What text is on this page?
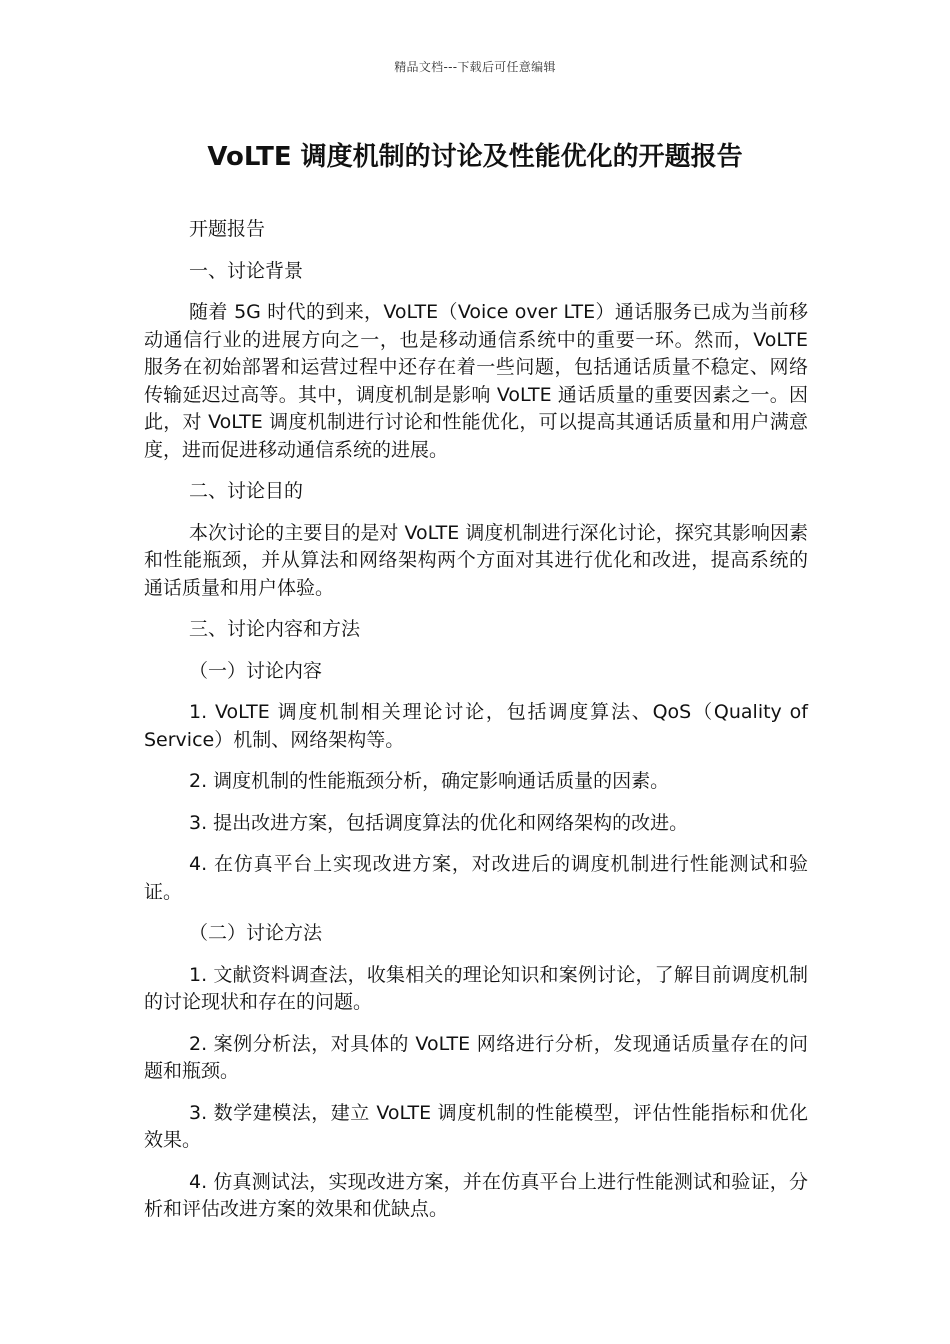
精品文档---下载后可任意编辑
VoLTE 调度机制的讨论及性能优化的开题报告

开题报告

一、讨论背景

随着 5G 时代的到来，VoLTE（Voice over LTE）通话服务已成为当前移动通信行业的进展方向之一，也是移动通信系统中的重要一环。然而，VoLTE 服务在初始部署和运营过程中还存在着一些问题，包括通话质量不稳定、网络传输延迟过高等。其中，调度机制是影响 VoLTE 通话质量的重要因素之一。因此，对 VoLTE 调度机制进行讨论和性能优化，可以提高其通话质量和用户满意度，进而促进移动通信系统的进展。

二、讨论目的

本次讨论的主要目的是对 VoLTE 调度机制进行深化讨论，探究其影响因素和性能瓶颈，并从算法和网络架构两个方面对其进行优化和改进，提高系统的通话质量和用户体验。

三、讨论内容和方法

（一）讨论内容

1. VoLTE 调度机制相关理论讨论，包括调度算法、QoS（Quality of Service）机制、网络架构等。

2. 调度机制的性能瓶颈分析，确定影响通话质量的因素。

3. 提出改进方案，包括调度算法的优化和网络架构的改进。

4. 在仿真平台上实现改进方案，对改进后的调度机制进行性能测试和验证。

（二）讨论方法

1. 文献资料调查法，收集相关的理论知识和案例讨论，了解目前调度机制的讨论现状和存在的问题。

2. 案例分析法，对具体的 VoLTE 网络进行分析，发现通话质量存在的问题和瓶颈。

3. 数学建模法，建立 VoLTE 调度机制的性能模型，评估性能指标和优化效果。

4. 仿真测试法，实现改进方案，并在仿真平台上进行性能测试和验证，分析和评估改进方案的效果和优缺点。
